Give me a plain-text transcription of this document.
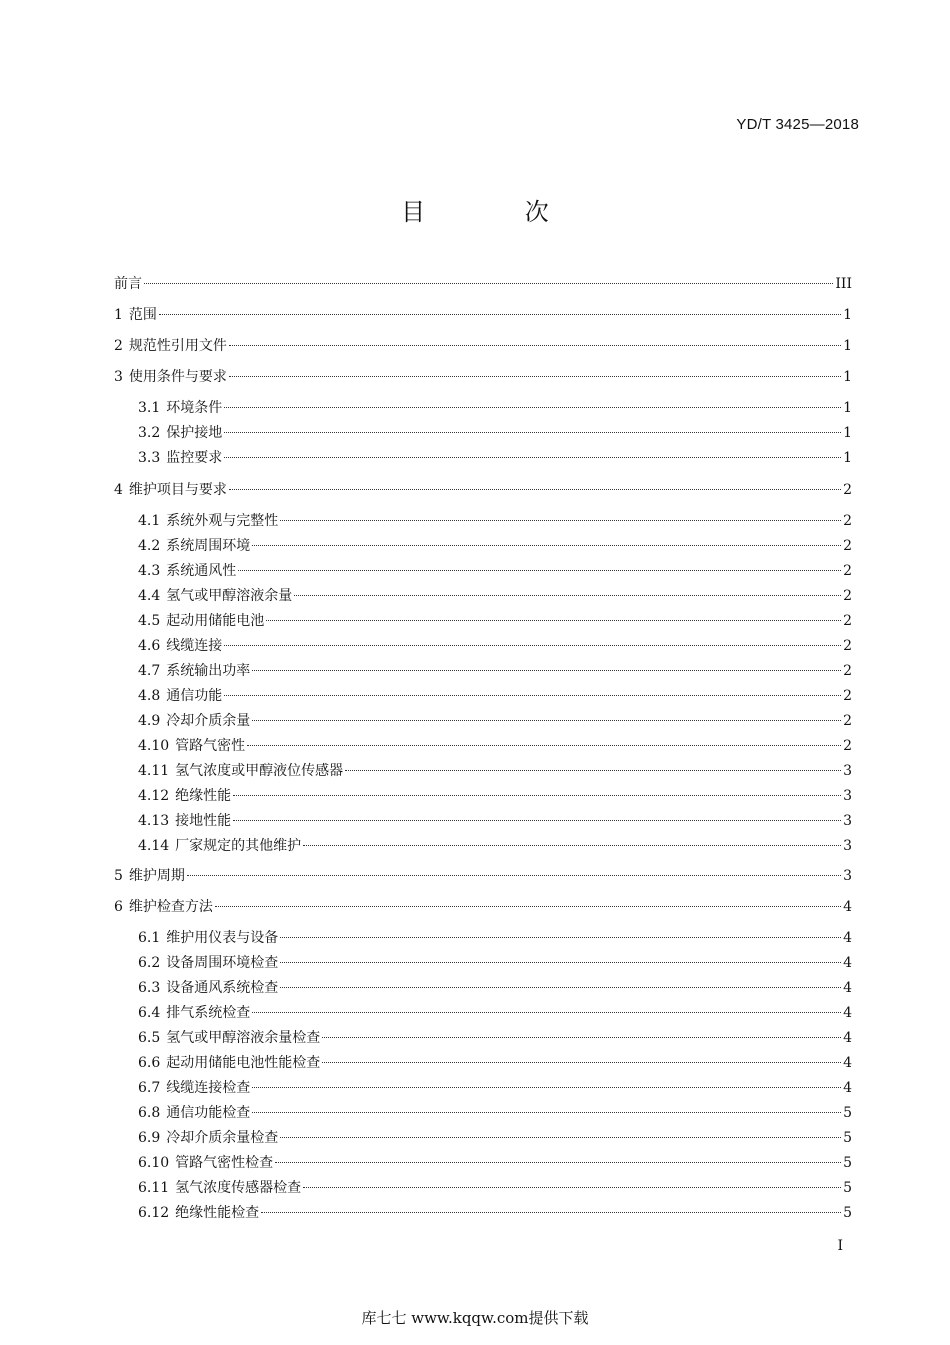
YD/T 3425—2018
目 次
前言	III
1 范围	1
2 规范性引用文件	1
3 使用条件与要求	1
3.1 环境条件	1
3.2 保护接地	1
3.3 监控要求	1
4 维护项目与要求	2
4.1 系统外观与完整性	2
4.2 系统周围环境	2
4.3 系统通风性	2
4.4 氢气或甲醇溶液余量	2
4.5 起动用储能电池	2
4.6 线缆连接	2
4.7 系统输出功率	2
4.8 通信功能	2
4.9 冷却介质余量	2
4.10 管路气密性	2
4.11 氢气浓度或甲醇液位传感器	3
4.12 绝缘性能	3
4.13 接地性能	3
4.14 厂家规定的其他维护	3
5 维护周期	3
6 维护检查方法	4
6.1 维护用仪表与设备	4
6.2 设备周围环境检查	4
6.3 设备通风系统检查	4
6.4 排气系统检查	4
6.5 氢气或甲醇溶液余量检查	4
6.6 起动用储能电池性能检查	4
6.7 线缆连接检查	4
6.8 通信功能检查	5
6.9 冷却介质余量检查	5
6.10 管路气密性检查	5
6.11 氢气浓度传感器检查	5
6.12 绝缘性能检查	5
I
库七七 www.kqqw.com提供下载
